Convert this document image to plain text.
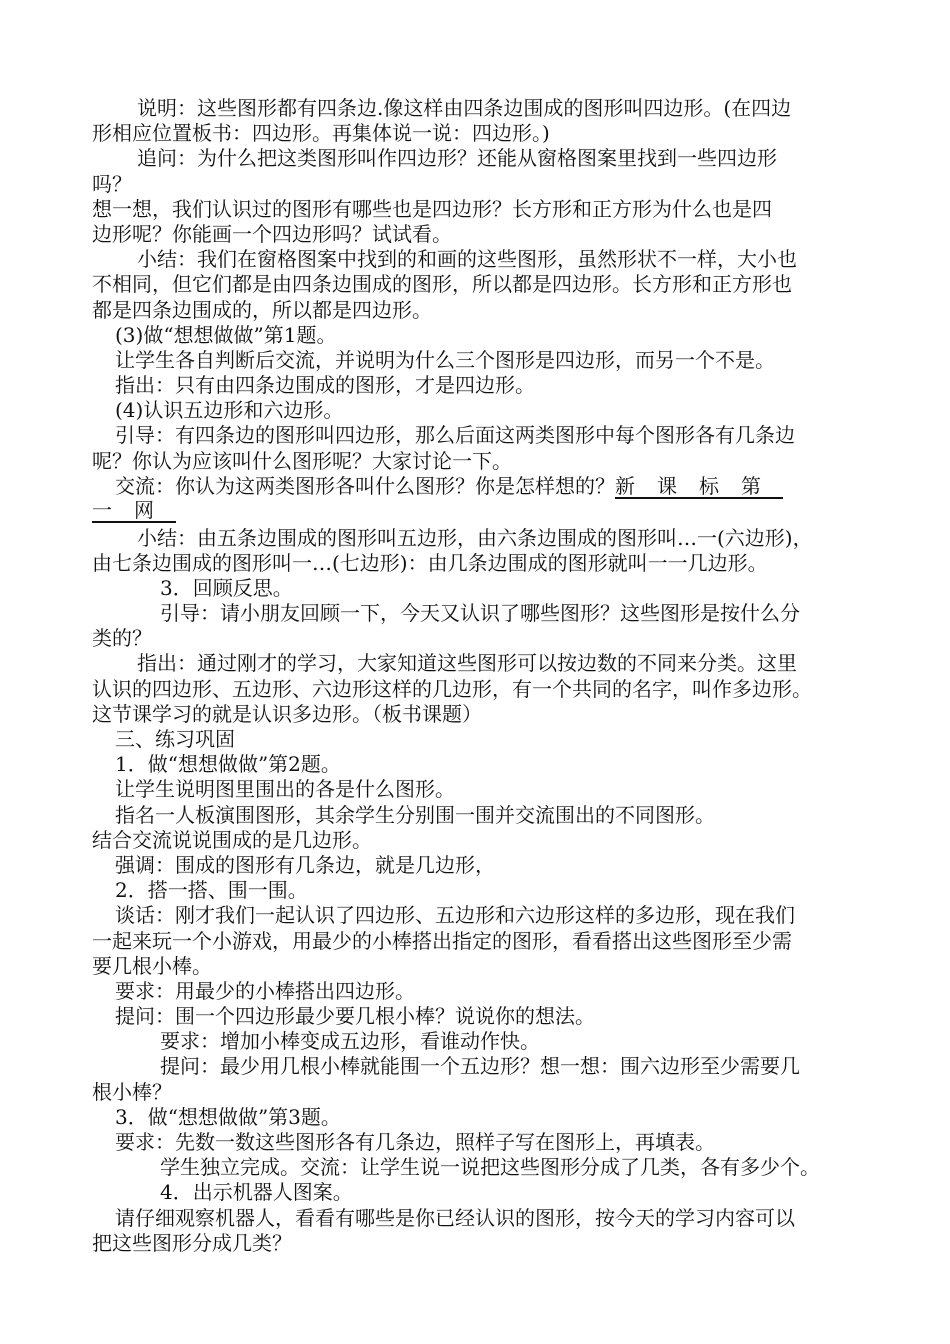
说明：这些图形都有四条边.像这样由四条边围成的图形叫四边形。(在四边
形相应位置板书：四边形。再集体说一说：四边形。)
追问：为什么把这类图形叫作四边形？还能从窗格图案里找到一些四边形
吗？
想一想，我们认识过的图形有哪些也是四边形？长方形和正方形为什么也是四
边形呢？你能画一个四边形吗？试试看。
小结：我们在窗格图案中找到的和画的这些图形，虽然形状不一样，大小也
不相同，但它们都是由四条边围成的图形，所以都是四边形。长方形和正方形也
都是四条边围成的，所以都是四边形。
(3)做“想想做做”第1题。
让学生各自判断后交流，并说明为什么三个图形是四边形，而另一个不是。
指出：只有由四条边围成的图形，才是四边形。
(4)认识五边形和六边形。
引导：有四条边的图形叫四边形，那么后面这两类图形中每个图形各有几条边
呢？你认为应该叫什么图形呢？大家讨论一下。
交流：你认为这两类图形各叫什么图形？你是怎样想的？新课标第
一网
小结：由五条边围成的图形叫五边形，由六条边围成的图形叫…一(六边形)，
由七条边围成的图形叫一…(七边形)：由几条边围成的图形就叫一一几边形。
3．回顾反思。
引导：请小朋友回顾一下，今天又认识了哪些图形？这些图形是按什么分
类的？
指出：通过刚才的学习，大家知道这些图形可以按边数的不同来分类。这里
认识的四边形、五边形、六边形这样的几边形，有一个共同的名字，叫作多边形。
这节课学习的就是认识多边形。（板书课题）
三、练习巩固
1．做“想想做做”第2题。
让学生说明图里围出的各是什么图形。
指名一人板演围图形，其余学生分别围一围并交流围出的不同图形。
结合交流说说围成的是几边形。
强调：围成的图形有几条边，就是几边形，
2．搭一搭、围一围。
谈话：刚才我们一起认识了四边形、五边形和六边形这样的多边形，现在我们
一起来玩一个小游戏，用最少的小棒搭出指定的图形，看看搭出这些图形至少需
要几根小棒。
要求：用最少的小棒搭出四边形。
提问：围一个四边形最少要几根小棒？说说你的想法。
要求：增加小棒变成五边形，看谁动作快。
提问：最少用几根小棒就能围一个五边形？想一想：围六边形至少需要几
根小棒？
3．做“想想做做”第3题。
要求：先数一数这些图形各有几条边，照样子写在图形上，再填表。
学生独立完成。交流：让学生说一说把这些图形分成了几类，各有多少个。
4．出示机器人图案。
请仔细观察机器人，看看有哪些是你已经认识的图形，按今天的学习内容可以
把这些图形分成几类？
